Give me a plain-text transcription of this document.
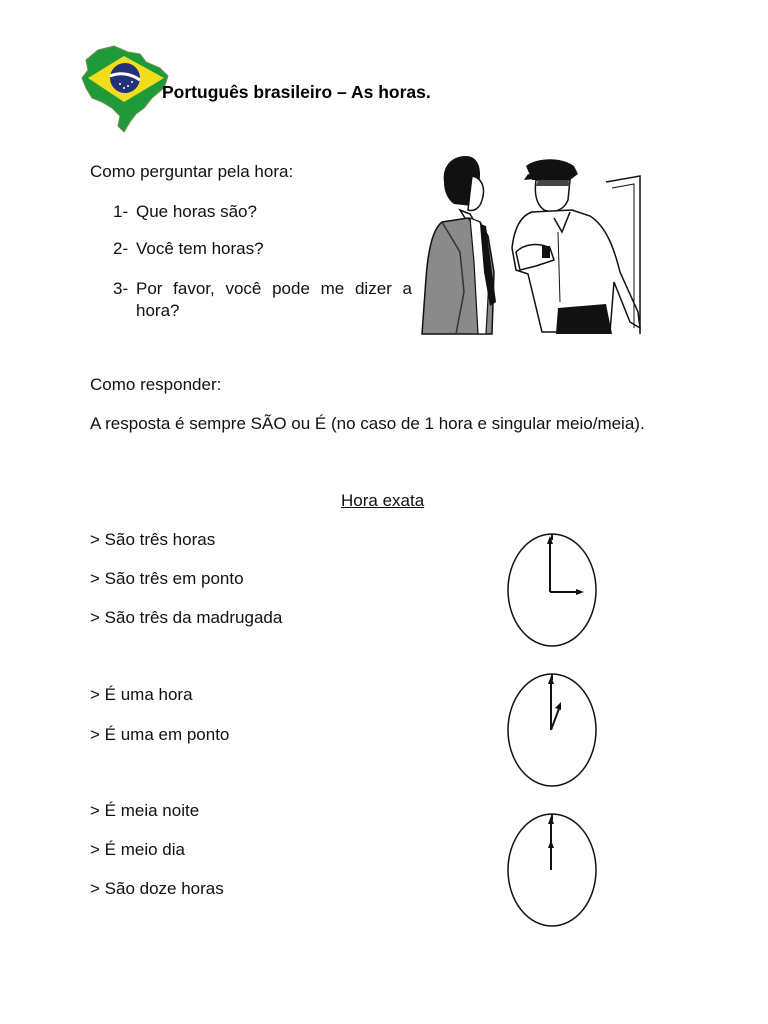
Português brasileiro – As horas.
Como perguntar pela hora:
1- Que horas são?
2- Você tem horas?
3- Por favor, você pode me dizer a hora?
Como responder:
A resposta é sempre SÃO ou É (no caso de 1 hora e singular meio/meia).
Hora exata
> São três horas
> São três em ponto
> São três da madrugada
> É uma hora
> É uma em ponto
> É meia noite
> É meio dia
> São doze horas
